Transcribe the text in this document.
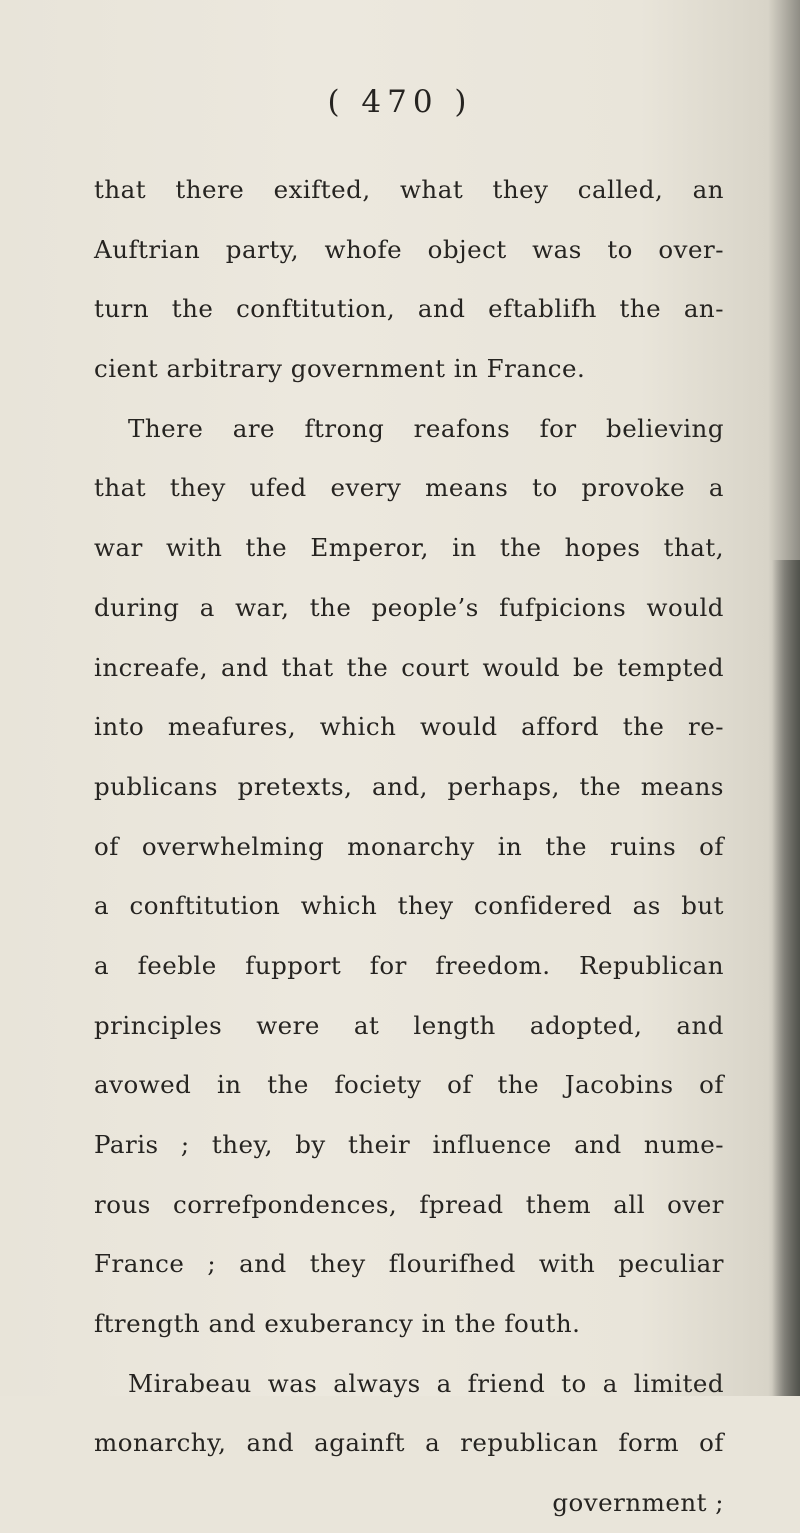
( 470 )
that there exifted, what they called, an
Auftrian party, whofe object was to over-
turn the conftitution, and eftablifh the an-
cient arbitrary government in France.
There are ftrong reafons for believing
that they ufed every means to provoke a
war with the Emperor, in the hopes that,
during a war, the people’s fufpicions would
increafe, and that the court would be tempted
into meafures, which would afford the re-
publicans pretexts, and, perhaps, the means
of overwhelming monarchy in the ruins of
a conftitution which they confidered as but
a feeble fupport for freedom. Republican
principles were at length adopted, and
avowed in the fociety of the Jacobins of
Paris ; they, by their influence and nume-
rous correfpondences, fpread them all over
France ; and they flourifhed with peculiar
ftrength and exuberancy in the fouth.
Mirabeau was always a friend to a limited
monarchy, and againft a republican form of
government ;
